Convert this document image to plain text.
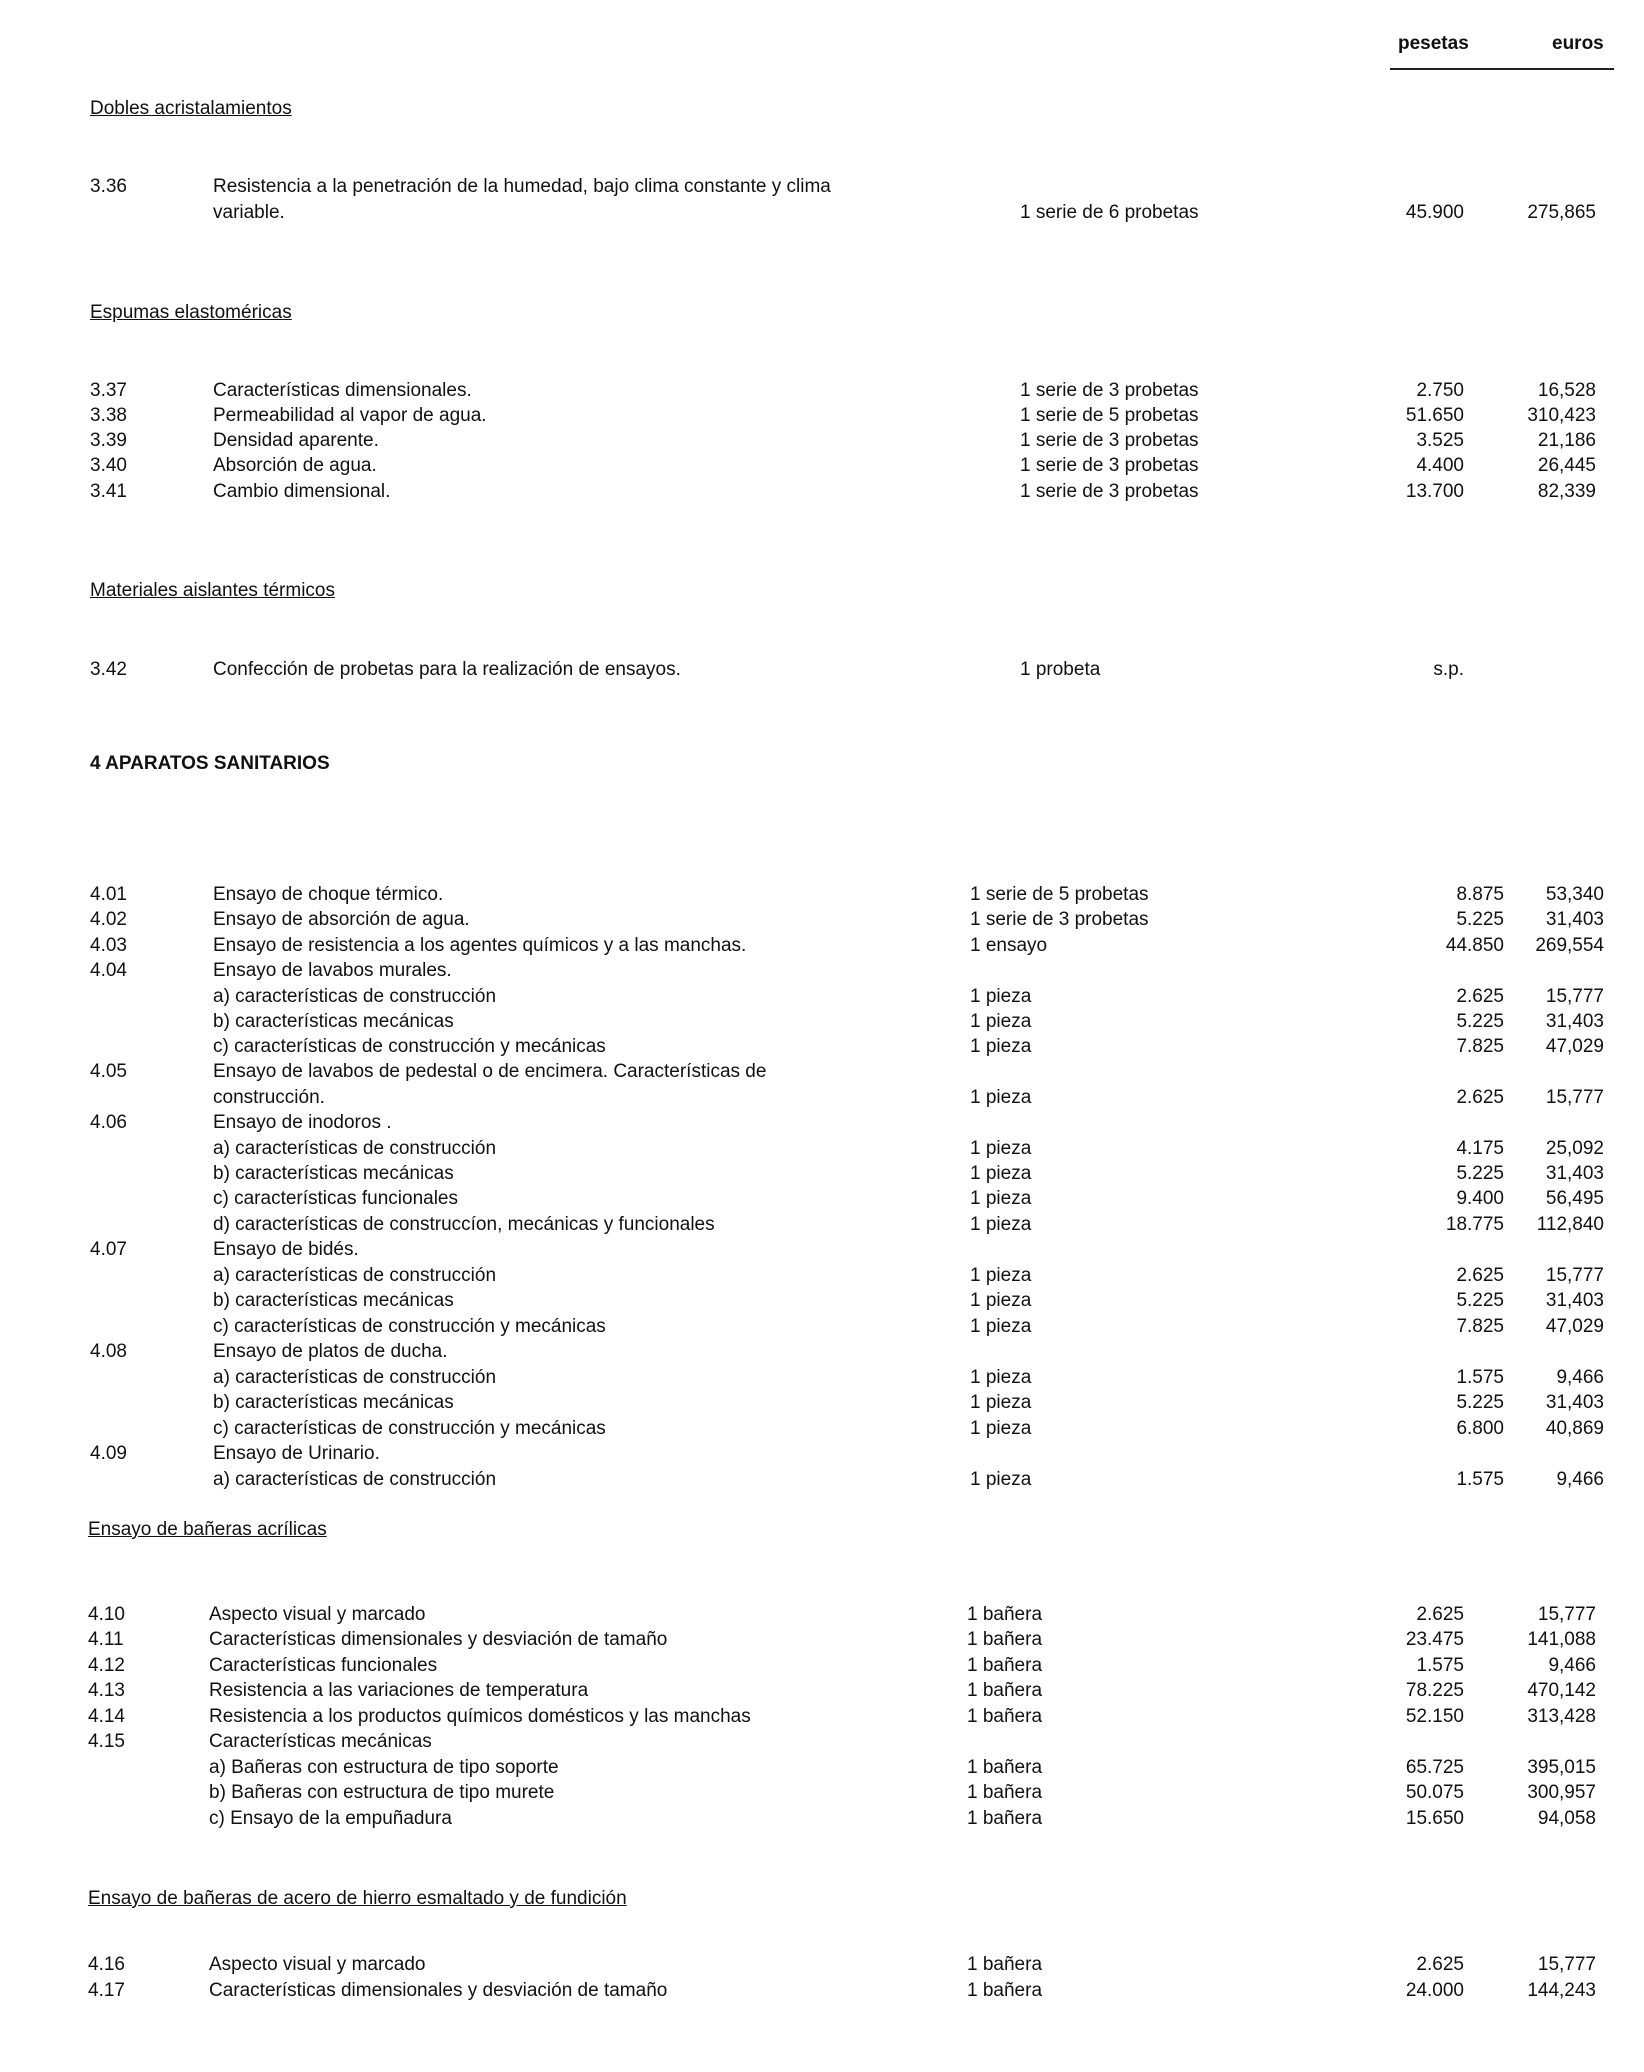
pesetas	euros
Dobles acristalamientos
Espumas elastoméricas
Materiales aislantes térmicos
4 APARATOS SANITARIOS
Ensayo de bañeras acrílicas
Ensayo de bañeras de acero de hierro esmaltado y de fundición
3.36	Resistencia a la penetración de la humedad, bajo clima constante y clima
variable.	1 serie de 6 probetas	45.900	275,865
3.37	Características dimensionales.	1 serie de 3 probetas	2.750	16,528
3.38	Permeabilidad al vapor de agua.	1 serie de 5 probetas	51.650	310,423
3.39	Densidad aparente.	1 serie de 3 probetas	3.525	21,186
3.40	Absorción de agua.	1 serie de 3 probetas	4.400	26,445
3.41	Cambio dimensional.	1 serie de 3 probetas	13.700	82,339
3.42	Confección de probetas para la realización de ensayos.	1 probeta	s.p.
4.01	Ensayo de choque térmico.	1 serie de 5 probetas	8.875 53,340
4.02	Ensayo de absorción de agua.	1 serie de 3 probetas	5.225 31,403
4.03	Ensayo de resistencia a los agentes químicos y a las manchas.	1 ensayo	44.850 269,554
4.04	Ensayo de lavabos murales.
a) características de construcción	1 pieza	2.625 15,777
b) características mecánicas	1 pieza	5.225 31,403
c) características de construcción y mecánicas	1 pieza	7.825 47,029
4.05	Ensayo de lavabos de pedestal o de encimera. Características de
construcción.	1 pieza	2.625 15,777
4.06	Ensayo de inodoros .
a) características de construcción	1 pieza	4.175 25,092
b) características mecánicas	1 pieza	5.225 31,403
c) características funcionales	1 pieza	9.400 56,495
d) características de construccíon, mecánicas y funcionales	1 pieza	18.775 112,840
4.07	Ensayo de bidés.
a) características de construcción	1 pieza	2.625 15,777
b) características mecánicas	1 pieza	5.225 31,403
c) características de construcción y mecánicas	1 pieza	7.825 47,029
4.08	Ensayo de platos de ducha.
a) características de construcción	1 pieza	1.575	9,466
b) características mecánicas	1 pieza	5.225 31,403
c) características de construcción y mecánicas	1 pieza	6.800 40,869
4.09	Ensayo de Urinario.
a) características de construcción	1 pieza	1.575	9,466
4.10	Aspecto visual y marcado	1 bañera	2.625	15,777
4.11	Características dimensionales y desviación de tamaño	1 bañera	23.475	141,088
4.12	Características funcionales	1 bañera	1.575	9,466
4.13	Resistencia a las variaciones de temperatura	1 bañera	78.225	470,142
4.14	Resistencia a los productos químicos domésticos y las manchas	1 bañera	52.150	313,428
4.15	Características mecánicas
a) Bañeras con estructura de tipo soporte	1 bañera	65.725	395,015
b) Bañeras con estructura de tipo murete	1 bañera	50.075	300,957
c) Ensayo de la empuñadura	1 bañera	15.650	94,058
4.16	Aspecto visual y marcado	1 bañera	2.625	15,777
4.17	Características dimensionales y desviación de tamaño	1 bañera	24.000	144,243
